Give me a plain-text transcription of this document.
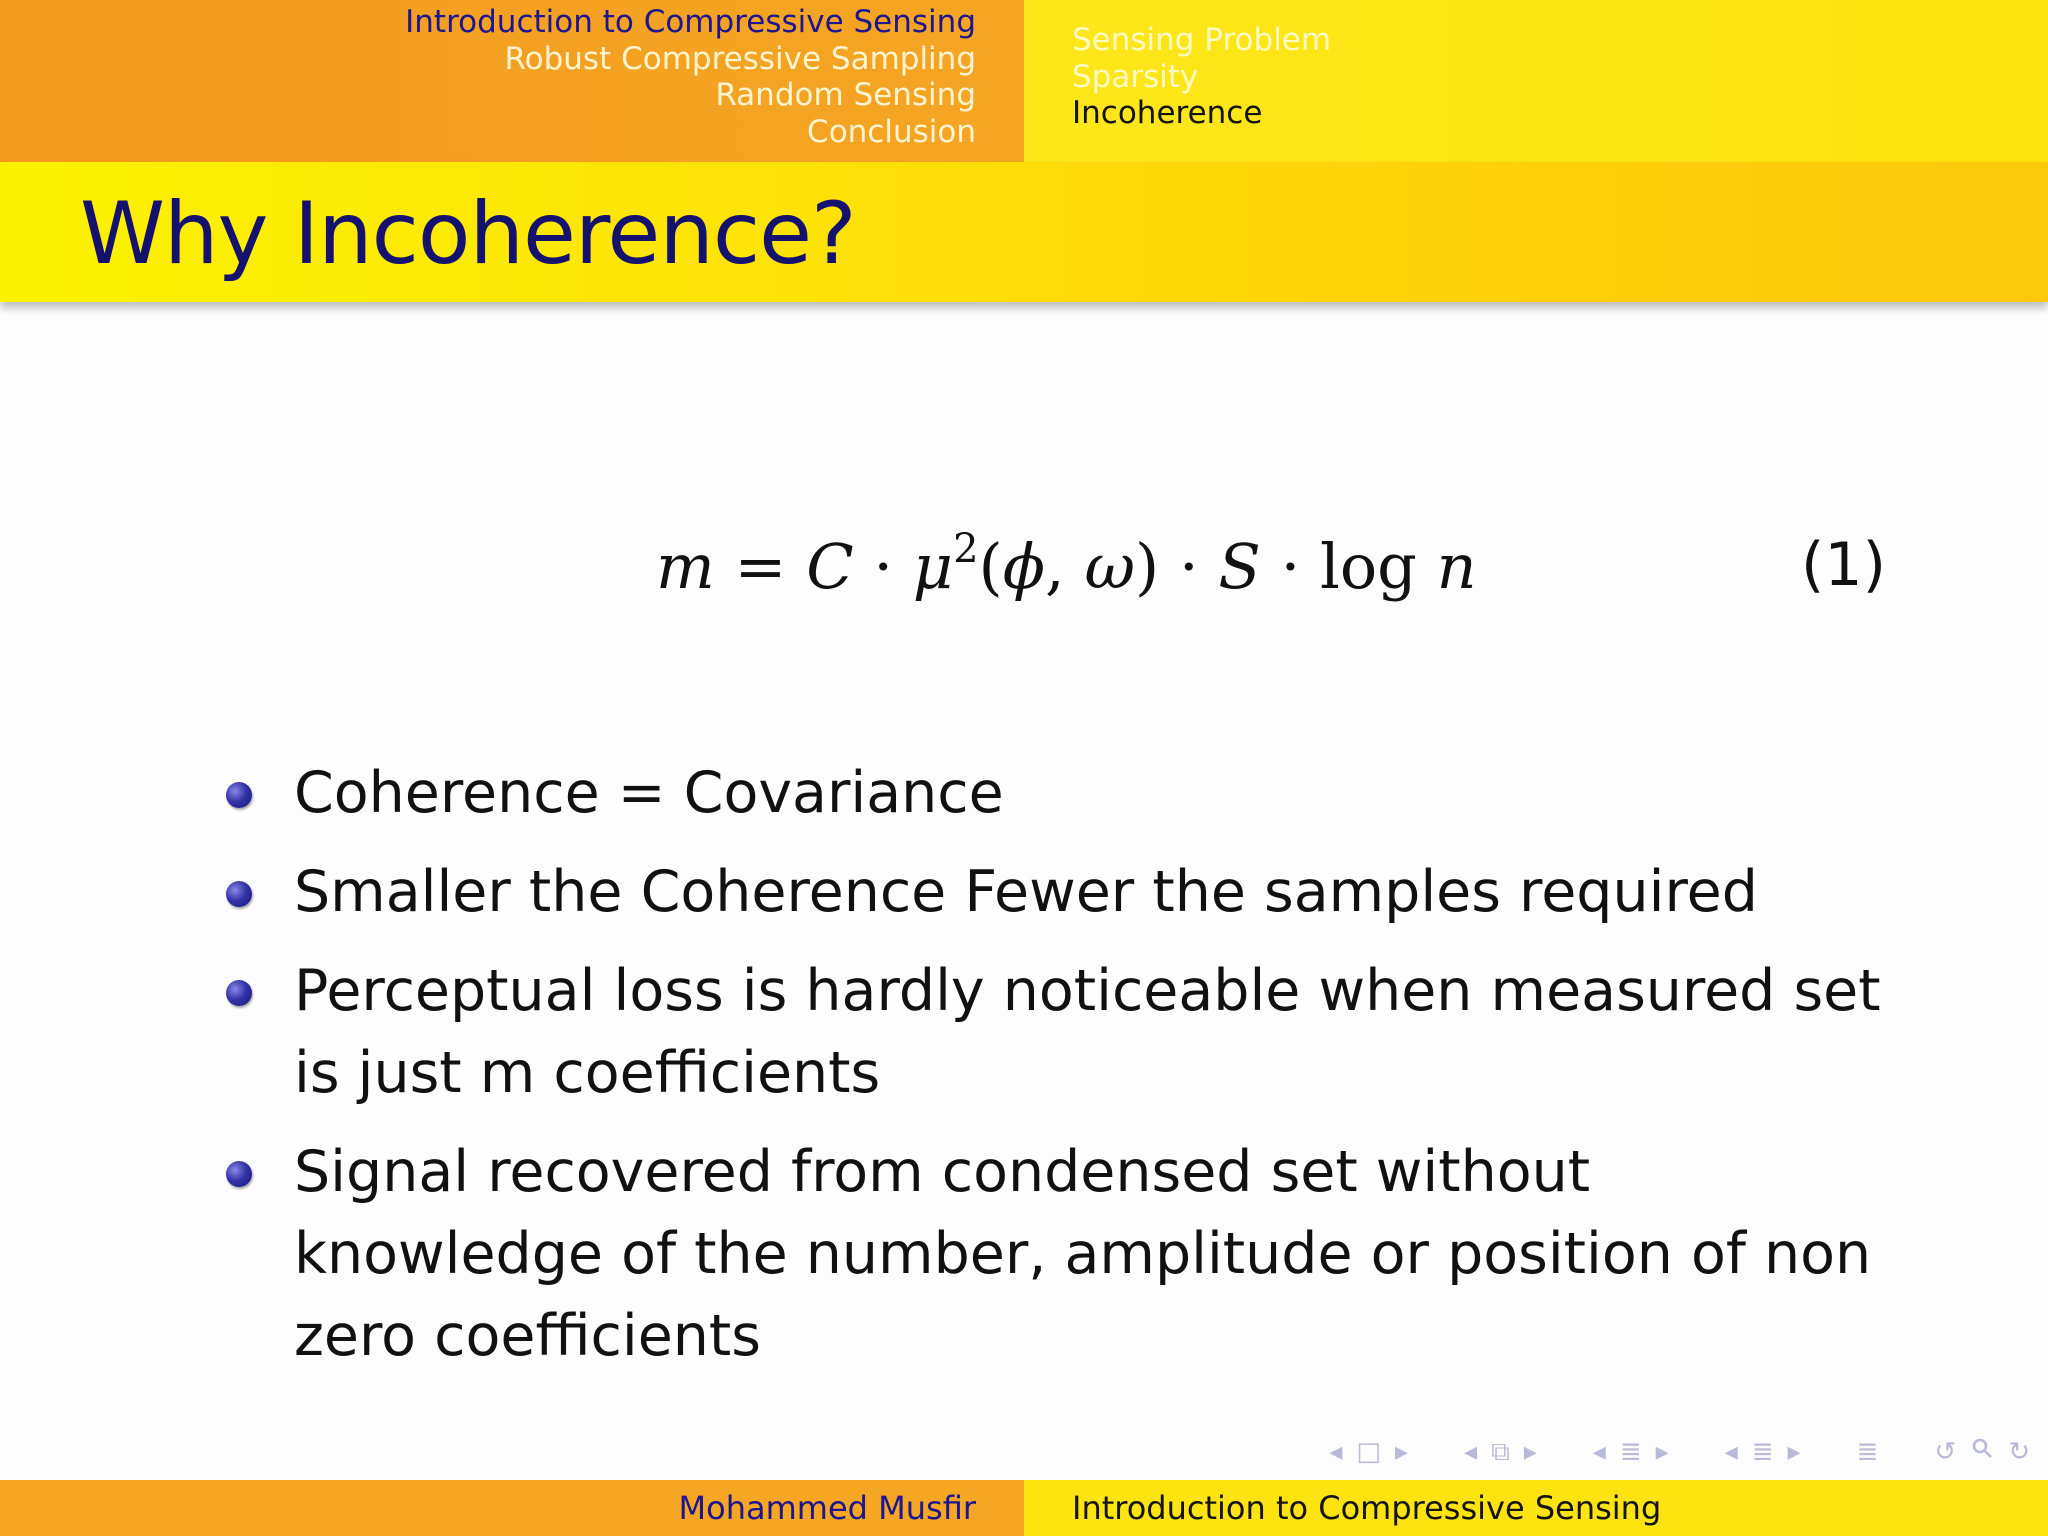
Introduction to Compressive Sensing
Robust Compressive Sampling
Random Sensing
Conclusion
Sensing Problem
Sparsity
Incoherence
Why Incoherence?
$m = C \cdot \mu^2(\phi$, ω) · S · log n	(1)
Coherence = Covariance
Smaller the Coherence Fewer the samples required
Perceptual loss is hardly noticeable when measured set is just m coefficients
Signal recovered from condensed set without knowledge of the number, amplitude or position of non zero coefficients
◂ □ ▸ ◂ ⧉ ▸ ◂ ≣ ▸ ◂ ≣ ▸ ≣ ↺ ↻
Mohammed Musfir	Introduction to Compressive Sensing
